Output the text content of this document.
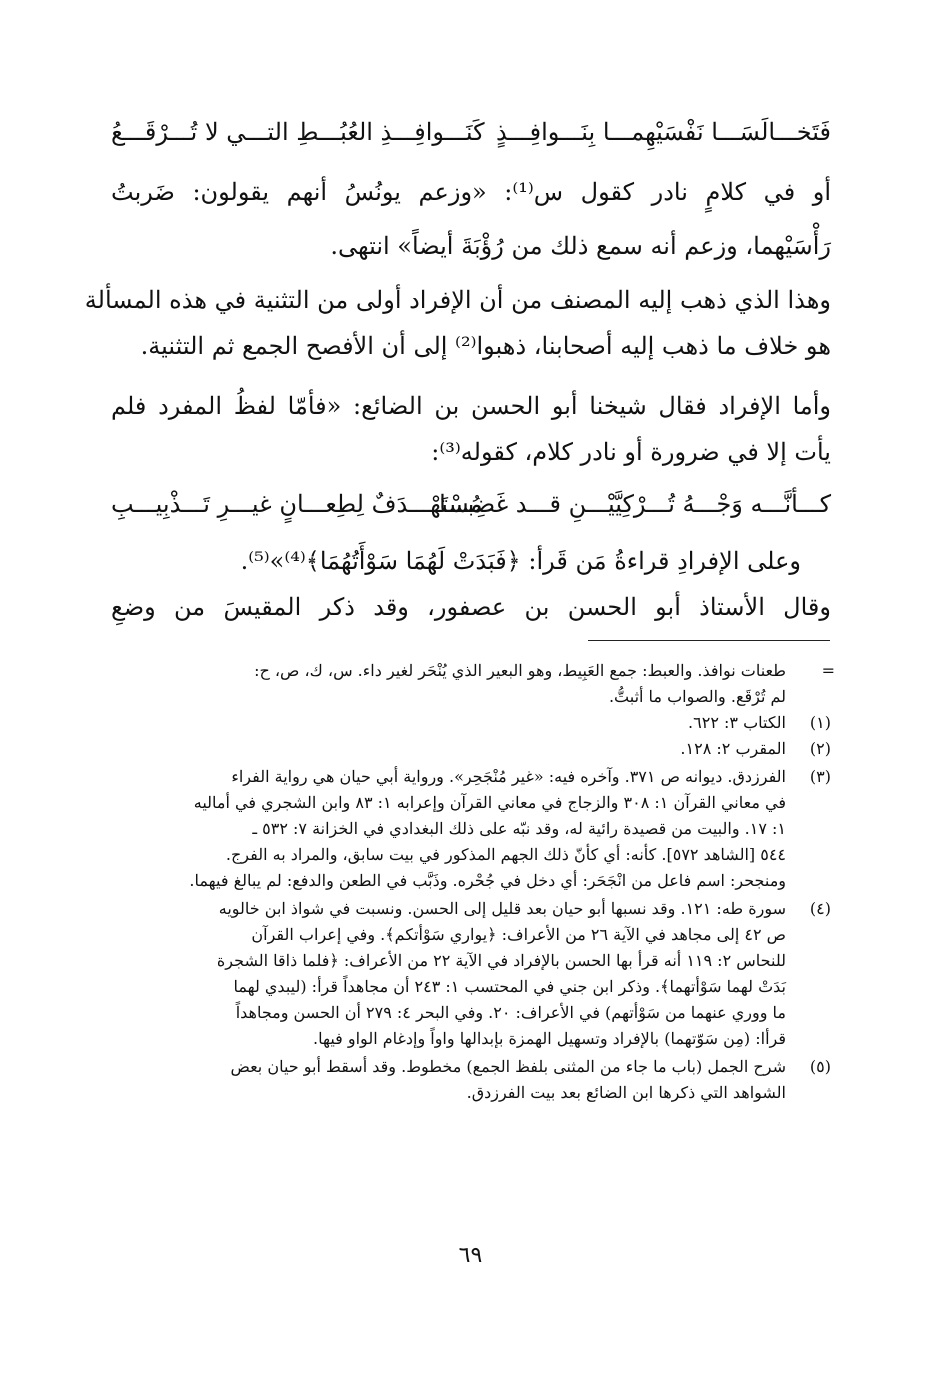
فَتَخـــالَسَـــا نَفْسَيْهِمـــا بِنَـــوافِـــذٍ
كَنَـــوافِـــذِ العُبُـــطِ التـــي لا تُـــرْقَـــعُ
أو في كلامٍ نادر كقول س⁽¹⁾: «وزعم يونُسُ أنهم يقولون: ضَربتُ
رَأْسَيْهما، وزعم أنه سمع ذلك من رُؤْبَةَ أيضاً» انتهى.
وهذا الذي ذهب إليه المصنف من أن الإفراد أولى من التثنية في هذه المسألة
هو خلاف ما ذهب إليه أصحابنا، ذهبوا⁽²⁾ إلى أن الأفصح الجمع ثم التثنية.
وأما الإفراد فقال شيخنا أبو الحسن بن الضائع: «فأمّا لفظُ المفرد فلم
يأت إلا في ضرورة أو نادر كلام، كقوله⁽³⁾:
كـــأنَّـــه وَجْـــهُ تُـــرْكِيَّيْـــنِ قـــد غَضِبـــا
مُسْتَهْـــدَفٌ لِطِعـــانٍ غيـــرِ تَـــذْبِيـــبِ
وعلى الإفرادِ قراءةُ مَن قَرأ: ﴿فَبَدَتْ لَهُمَا سَوْأَتُهُمَا﴾⁽⁴⁾»⁽⁵⁾.
وقال الأستاذ أبو الحسن بن عصفور، وقد ذكر المقيسَ من وضعِ
=
طعنات نوافذ. والعبط: جمع العَبِيط، وهو البعير الذي يُنْحَر لغير داء. س، ك، ص، ح:
لم تُرْقَع. والصواب ما أثبتُّ.
(١)
الكتاب ٣: ٦٢٢.
(٢)
المقرب ٢: ١٢٨.
(٣)
الفرزدق. ديوانه ص ٣٧١. وآخره فيه: «غير مُنْجَحِر». ورواية أبي حيان هي رواية الفراء
في معاني القرآن ١: ٣٠٨ والزجاج في معاني القرآن وإعرابه ١: ٨٣ وابن الشجري في أماليه
١: ١٧. والبيت من قصيدة رائية له، وقد نبّه على ذلك البغدادي في الخزانة ٧: ٥٣٢ ـ
٥٤٤ [الشاهد ٥٧٢]. كأنه: أي كأنّ ذلك الجهم المذكور في بيت سابق، والمراد به الفرج.
ومنجحر: اسم فاعل من انْجَحَر: أي دخل في جُحْره. وذَبَّب في الطعن والدفع: لم يبالغ فيهما.
(٤)
سورة طه: ١٢١. وقد نسبها أبو حيان بعد قليل إلى الحسن. ونسبت في شواذ ابن خالويه
ص ٤٢ إلى مجاهد في الآية ٢٦ من الأعراف: ﴿يواري سَوْأتكم﴾. وفي إعراب القرآن
للنحاس ٢: ١١٩ أنه قرأ بها الحسن بالإفراد في الآية ٢٢ من الأعراف: ﴿فلما ذاقا الشجرة
بَدَتْ لهما سَوْأتهما﴾. وذكر ابن جني في المحتسب ١: ٢٤٣ أن مجاهداً قرأ: (ليبدي لهما
ما ووري عنهما من سَوْأتهم) في الأعراف: ٢٠. وفي البحر ٤: ٢٧٩ أن الحسن ومجاهداً
قرأا: (مِن سَوّتهما) بالإفراد وتسهيل الهمزة بإبدالها واواً وإدغام الواو فيها.
(٥)
شرح الجمل (باب ما جاء من المثنى بلفظ الجمع) مخطوط. وقد أسقط أبو حيان بعض
الشواهد التي ذكرها ابن الضائع بعد بيت الفرزدق.
٦٩
